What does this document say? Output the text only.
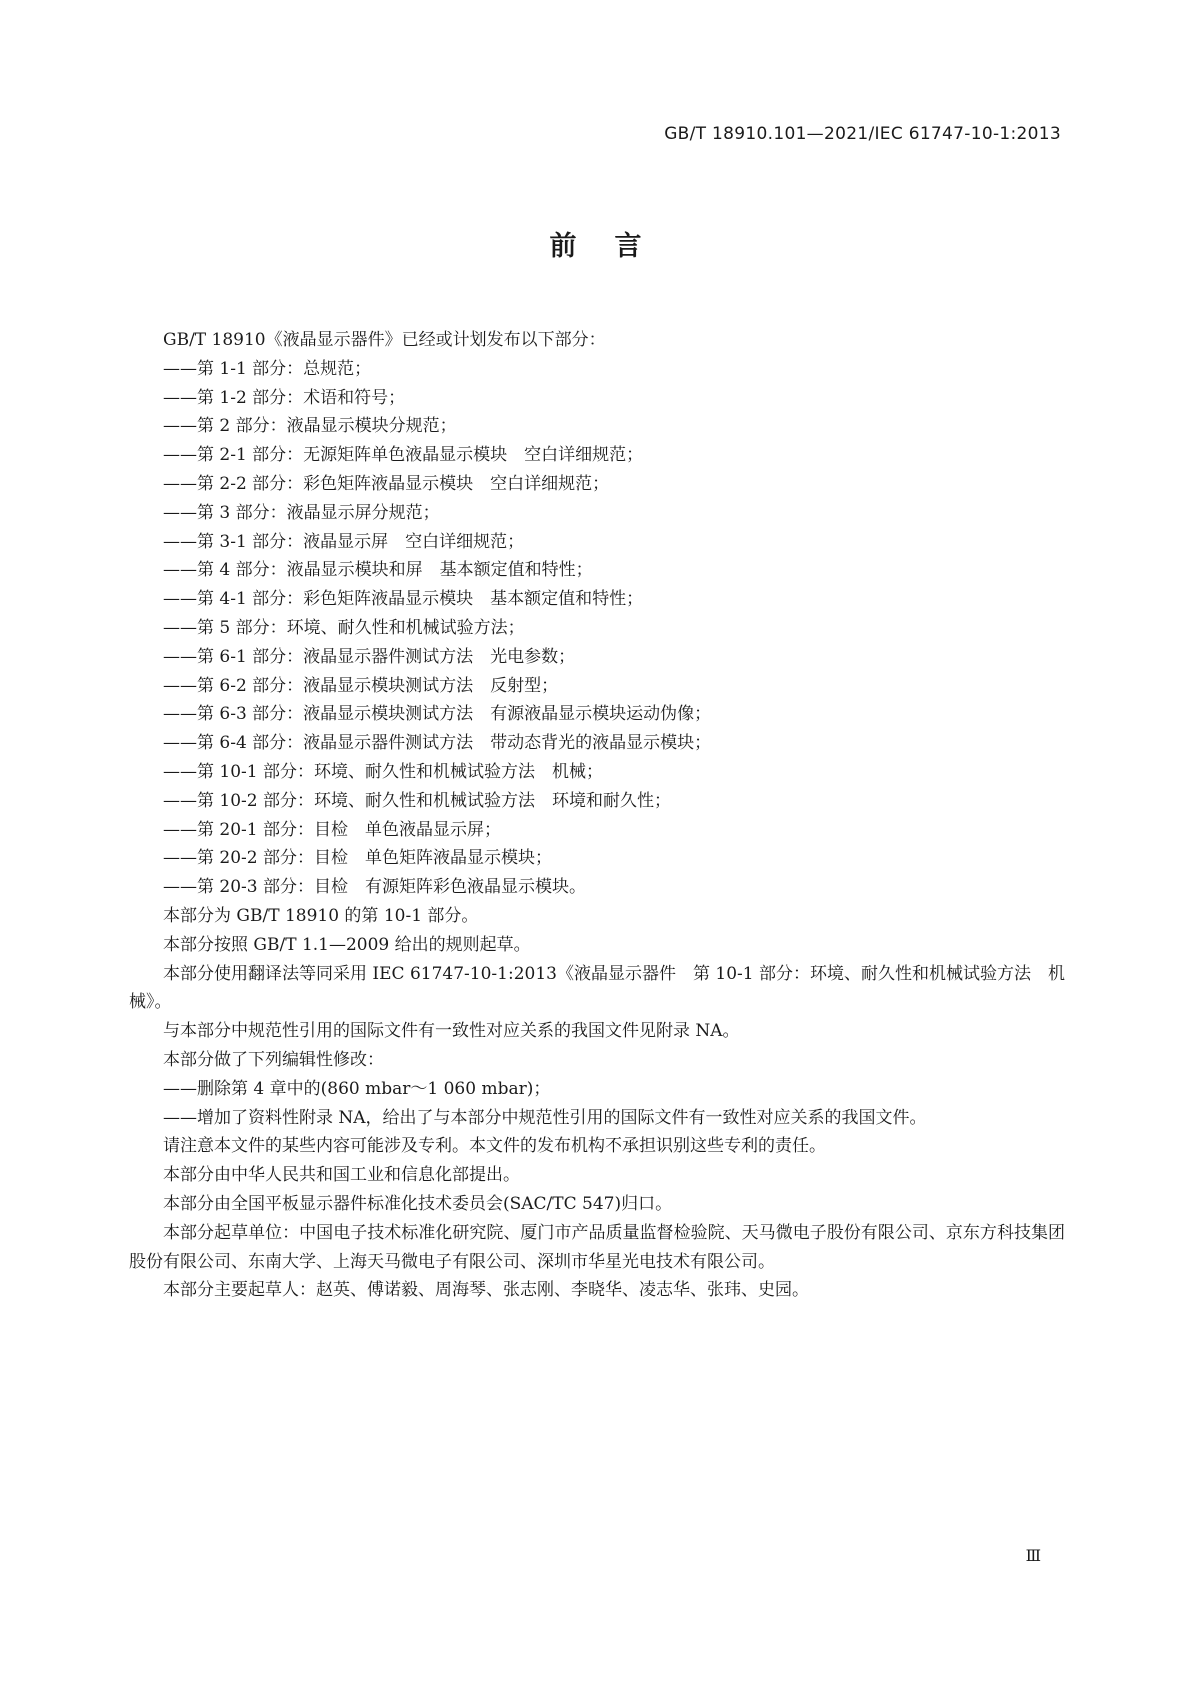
GB/T 18910.101—2021/IEC 61747-10-1:2013
前言

GB/T 18910《液晶显示器件》已经或计划发布以下部分：

—— 第 1-1 部分：总规范；

—— 第 1-2 部分：术语和符号；

—— 第 2 部分：液晶显示模块分规范；

—— 第 2-1 部分：无源矩阵单色液晶显示模块　空白详细规范；

—— 第 2-2 部分：彩色矩阵液晶显示模块　空白详细规范；

—— 第 3 部分：液晶显示屏分规范；

—— 第 3-1 部分：液晶显示屏　空白详细规范；

—— 第 4 部分：液晶显示模块和屏　基本额定值和特性；

—— 第 4-1 部分：彩色矩阵液晶显示模块　基本额定值和特性；

—— 第 5 部分：环境、耐久性和机械试验方法；

—— 第 6-1 部分：液晶显示器件测试方法　光电参数；

—— 第 6-2 部分：液晶显示模块测试方法　反射型；

—— 第 6-3 部分：液晶显示模块测试方法　有源液晶显示模块运动伪像；

—— 第 6-4 部分：液晶显示器件测试方法　带动态背光的液晶显示模块；

—— 第 10-1 部分：环境、耐久性和机械试验方法　机械；

—— 第 10-2 部分：环境、耐久性和机械试验方法　环境和耐久性；

—— 第 20-1 部分：目检　单色液晶显示屏；

—— 第 20-2 部分：目检　单色矩阵液晶显示模块；

—— 第 20-3 部分：目检　有源矩阵彩色液晶显示模块。

本部分为 GB/T 18910 的第 10-1 部分。

本部分按照 GB/T 1.1—2009 给出的规则起草。

本部分使用翻译法等同采用 IEC 61747-10-1:2013《液晶显示器件　第 10-1 部分：环境、耐久性和机械试验方法　机械》。

与本部分中规范性引用的国际文件有一致性对应关系的我国文件见附录 NA。

本部分做了下列编辑性修改：

—— 删除第 4 章中的(860 mbar～1 060 mbar)；

—— 增加了资料性附录 NA，给出了与本部分中规范性引用的国际文件有一致性对应关系的我国文件。

请注意本文件的某些内容可能涉及专利。本文件的发布机构不承担识别这些专利的责任。

本部分由中华人民共和国工业和信息化部提出。

本部分由全国平板显示器件标准化技术委员会(SAC/TC 547)归口。

本部分起草单位：中国电子技术标准化研究院、厦门市产品质量监督检验院、天马微电子股份有限公司、京东方科技集团股份有限公司、东南大学、上海天马微电子有限公司、深圳市华星光电技术有限公司。

本部分主要起草人：赵英、傅诺毅、周海琴、张志刚、李晓华、凌志华、张玮、史园。

Ⅲ
